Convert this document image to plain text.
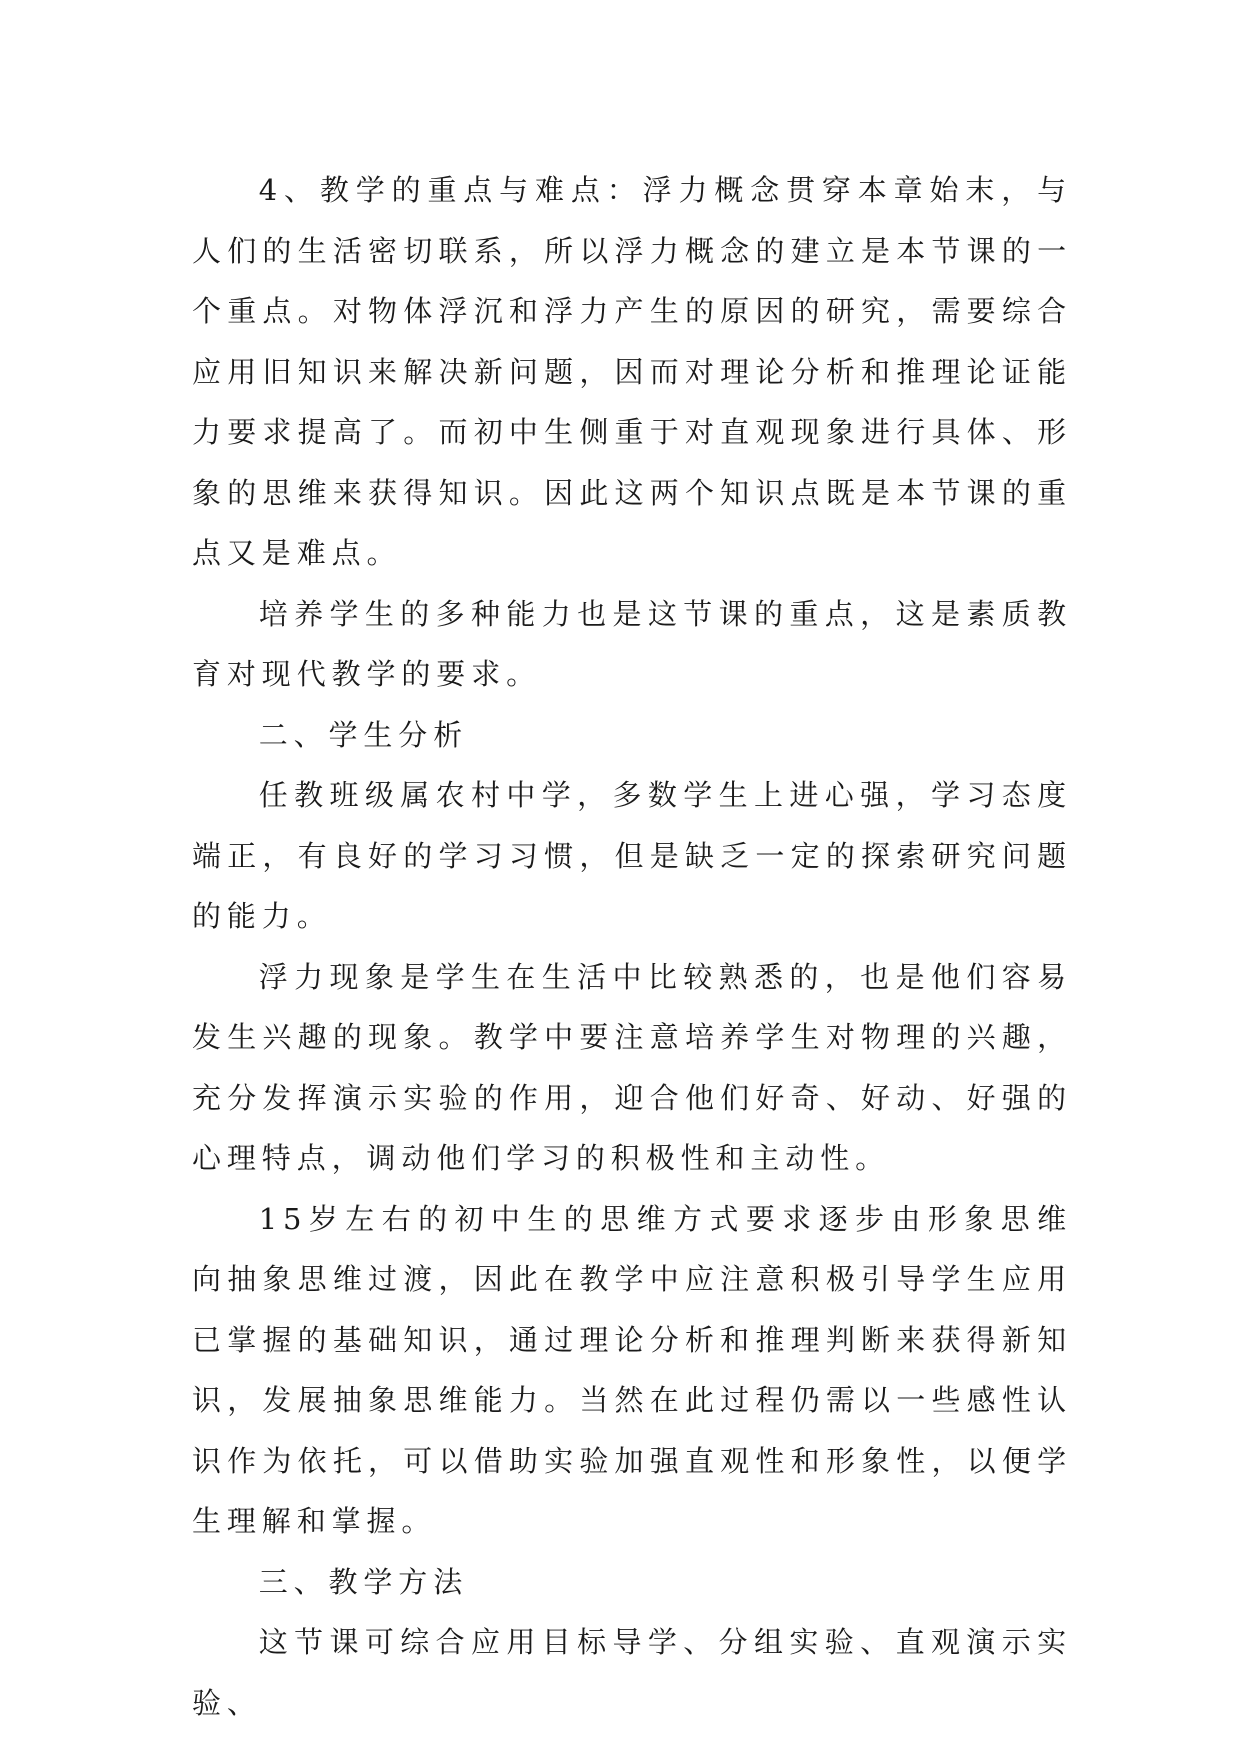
4、教学的重点与难点：浮力概念贯穿本章始末，与人们的生活密切联系，所以浮力概念的建立是本节课的一个重点。对物体浮沉和浮力产生的原因的研究，需要综合应用旧知识来解决新问题，因而对理论分析和推理论证能力要求提高了。而初中生侧重于对直观现象进行具体、形象的思维来获得知识。因此这两个知识点既是本节课的重点又是难点。

培养学生的多种能力也是这节课的重点，这是素质教育对现代教学的要求。

二、学生分析

任教班级属农村中学，多数学生上进心强，学习态度端正，有良好的学习习惯，但是缺乏一定的探索研究问题的能力。

浮力现象是学生在生活中比较熟悉的，也是他们容易发生兴趣的现象。教学中要注意培养学生对物理的兴趣，充分发挥演示实验的作用，迎合他们好奇、好动、好强的心理特点，调动他们学习的积极性和主动性。

15岁左右的初中生的思维方式要求逐步由形象思维向抽象思维过渡，因此在教学中应注意积极引导学生应用已掌握的基础知识，通过理论分析和推理判断来获得新知识，发展抽象思维能力。当然在此过程仍需以一些感性认识作为依托，可以借助实验加强直观性和形象性，以便学生理解和掌握。

三、教学方法

这节课可综合应用目标导学、分组实验、直观演示实验、
